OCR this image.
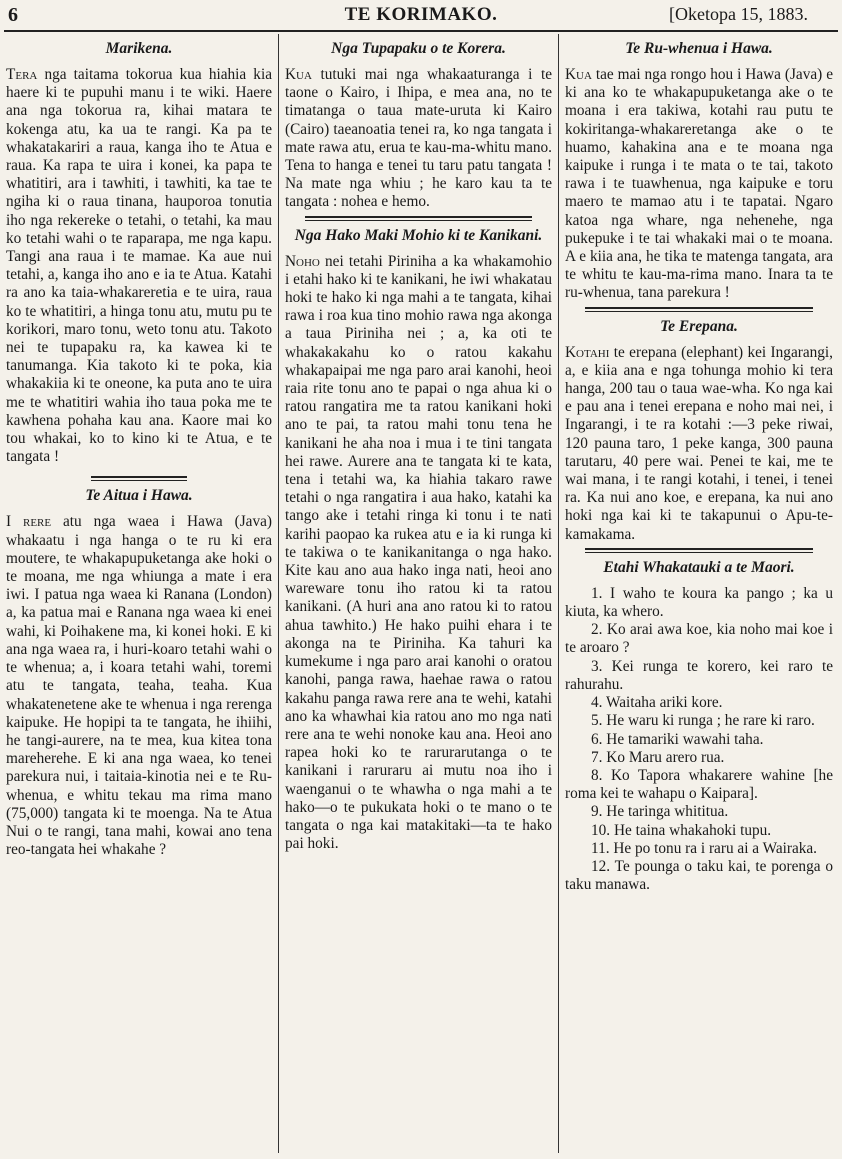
6	TE KORIMAKO.	[Oketopa 15, 1883.
Marikena.

Tera nga taitama tokorua kua hiahia kia haere ki te pupuhi manu i te wiki. Haere ana nga tokorua ra, kihai matara te kokenga atu, ka ua te rangi. Ka pa te whakatakariri a raua, kanga iho te Atua e raua. Ka rapa te uira i konei, ka papa te whatitiri, ara i tawhiti, i tawhiti, ka tae te ngiha ki o raua tinana, hauporoa tonutia iho nga rekereke o tetahi, o tetahi, ka mau ko tetahi wahi o te raparapa, me nga kapu. Tangi ana raua i te mamae. Ka aue nui tetahi, a, kanga iho ano e ia te Atua. Katahi ra ano ka taia-whakareretia e te uira, raua ko te whatitiri, a hinga tonu atu, mutu pu te korikori, maro tonu, weto tonu atu. Takoto nei te tupapaku ra, ka kawea ki te tanumanga. Kia takoto ki te poka, kia whakakiia ki te oneone, ka puta ano te uira me te whatitiri wahia iho taua poka me te kawhena pohaha kau ana. Kaore mai ko tou whakai, ko to kino ki te Atua, e te tangata !

Te Aitua i Hawa.

I rere atu nga waea i Hawa (Java) whakaatu i nga hanga o te ru ki era moutere, te whakapupuketanga ake hoki o te moana, me nga whiunga a mate i era iwi. I patua nga waea ki Ranana (London) a, ka patua mai e Ranana nga waea ki enei wahi, ki Poihakene ma, ki konei hoki. E ki ana nga waea ra, i huri-koaro tetahi wahi o te whenua; a, i koara tetahi wahi, toremi atu te tangata, teaha, teaha. Kua whakatenetene ake te whenua i nga rerenga kaipuke. He hopipi ta te tangata, he ihiihi, he tangi-aurere, na te mea, kua kitea tona mareherehe. E ki ana nga waea, ko tenei parekura nui, i taitaia-kinotia nei e te Ru-whenua, e whitu tekau ma rima mano (75,000) tangata ki te moenga. Na te Atua Nui o te rangi, tana mahi, kowai ano tena reo-tangata hei whakahe ?

Nga Tupapaku o te Korera.

Kua tutuki mai nga whakaaturanga i te taone o Kairo, i Ihipa, e mea ana, no te timatanga o taua mate-uruta ki Kairo (Cairo) taeanoatia tenei ra, ko nga tangata i mate rawa atu, erua te kau-ma-whitu mano. Tena to hanga e tenei tu taru patu tangata ! Na mate nga whiu ; he karo kau ta te tangata : nohea e hemo.

Nga Hako Maki Mohio ki te Kanikani.

Noho nei tetahi Piriniha a ka whakamohio i etahi hako ki te kanikani, he iwi whakatau hoki te hako ki nga mahi a te tangata, kihai rawa i roa kua tino mohio rawa nga akonga a taua Piriniha nei ; a, ka oti te whakakakahu ko o ratou kakahu whakapaipai me nga paro arai kanohi, heoi raia rite tonu ano te papai o nga ahua ki o ratou rangatira me ta ratou kanikani hoki ano te pai, ta ratou mahi tonu tena he kanikani he aha noa i mua i te tini tangata hei rawe. Aurere ana te tangata ki te kata, tena i tetahi wa, ka hiahia takaro rawe tetahi o nga rangatira i aua hako, katahi ka tango ake i tetahi ringa ki tonu i te nati karihi paopao ka rukea atu e ia ki runga ki te takiwa o te kanikanitanga o nga hako. Kite kau ano aua hako inga nati, heoi ano wareware tonu iho ratou ki ta ratou kanikani. (A huri ana ano ratou ki to ratou ahua tawhito.) He hako puihi ehara i te akonga na te Piriniha. Ka tahuri ka kumekume i nga paro arai kanohi o oratou kanohi, panga rawa, haehae rawa o ratou kakahu panga rawa rere ana te wehi, katahi ano ka whawhai kia ratou ano mo nga nati rere ana te wehi nonoke kau ana. Heoi ano rapea hoki ko te rarurarutanga o te kanikani i raruraru ai mutu noa iho i waenganui o te whawha o nga mahi a te hako—o te pukukata hoki o te mano o te tangata o nga kai matakitaki—ta te hako pai hoki.

Te Ru-whenua i Hawa.

Kua tae mai nga rongo hou i Hawa (Java) e ki ana ko te whakapupuketanga ake o te moana i era takiwa, kotahi rau putu te kokiritanga-whakareretanga ake o te huamo, kahakina ana e te moana nga kaipuke i runga i te mata o te tai, takoto rawa i te tuawhenua, nga kaipuke e toru maero te mamao atu i te tapatai. Ngaro katoa nga whare, nga nehenehe, nga pukepuke i te tai whakaki mai o te moana. A e kiia ana, he tika te matenga tangata, ara te whitu te kau-ma-rima mano. Inara ta te ru-whenua, tana parekura !

Te Erepana.

Kotahi te erepana (elephant) kei Ingarangi, a, e kiia ana e nga tohunga mohio ki tera hanga, 200 tau o taua wae-wha. Ko nga kai e pau ana i tenei erepana e noho mai nei, i Ingarangi, i te ra kotahi :—3 peke riwai, 120 pauna taro, 1 peke kanga, 300 pauna tarutaru, 40 pere wai. Penei te kai, me te wai mana, i te rangi kotahi, i tenei, i tenei ra. Ka nui ano koe, e erepana, ka nui ano hoki nga kai ki te takapunui o Apu-te-kamakama.

Etahi Whakatauki a te Maori.

1. I waho te koura ka pango ; ka u kiuta, ka whero.

2. Ko arai awa koe, kia noho mai koe i te aroaro ?

3. Kei runga te korero, kei raro te rahurahu.

4. Waitaha ariki kore.

5. He waru ki runga ; he rare ki raro.

6. He tamariki wawahi taha.

7. Ko Maru arero rua.

8. Ko Tapora whakarere wahine [he roma kei te wahapu o Kaipara].

9. He taringa whititua.

10. He taina whakahoki tupu.

11. He po tonu ra i raru ai a Wairaka.

12. Te pounga o taku kai, te porenga o taku manawa.
